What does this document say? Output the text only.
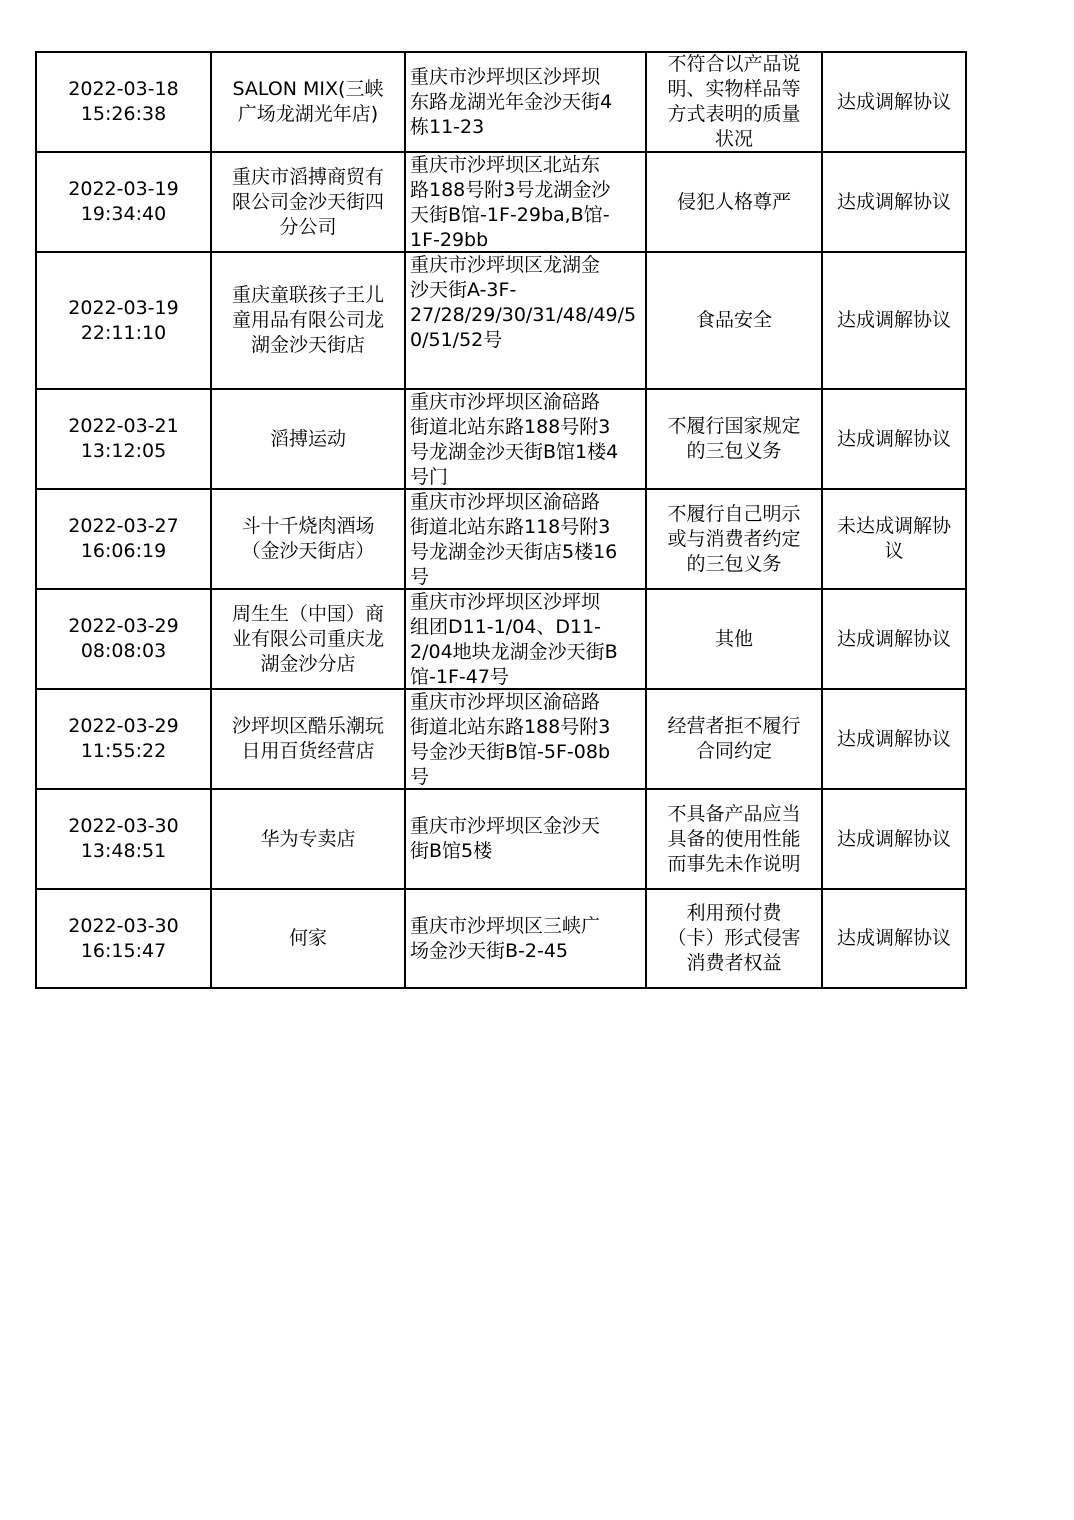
2022-03-18
15:26:38	SALON MIX(三峡
广场龙湖光年店)	重庆市沙坪坝区沙坪坝
东路龙湖光年金沙天街4
栋11-23	不符合以产品说
明、实物样品等
方式表明的质量
状况	达成调解协议

2022-03-19
19:34:40	重庆市滔搏商贸有
限公司金沙天街四
分公司	重庆市沙坪坝区北站东
路188号附3号龙湖金沙
天街B馆-1F-29ba,B馆-
1F-29bb	侵犯人格尊严	达成调解协议

2022-03-19
22:11:10	重庆童联孩子王儿
童用品有限公司龙
湖金沙天街店	重庆市沙坪坝区龙湖金
沙天街A-3F-
27/28/29/30/31/48/49/5
0/51/52号	食品安全	达成调解协议

2022-03-21
13:12:05	滔搏运动	重庆市沙坪坝区渝碚路
街道北站东路188号附3
号龙湖金沙天街B馆1楼4
号门	不履行国家规定
的三包义务	达成调解协议

2022-03-27
16:06:19	斗十千烧肉酒场
（金沙天街店）	重庆市沙坪坝区渝碚路
街道北站东路118号附3
号龙湖金沙天街店5楼16
号	不履行自己明示
或与消费者约定
的三包义务	未达成调解协
议

2022-03-29
08:08:03	周生生（中国）商
业有限公司重庆龙
湖金沙分店	重庆市沙坪坝区沙坪坝
组团D11-1/04、D11-
2/04地块龙湖金沙天街B
馆-1F-47号	其他	达成调解协议

2022-03-29
11:55:22	沙坪坝区酷乐潮玩
日用百货经营店	重庆市沙坪坝区渝碚路
街道北站东路188号附3
号金沙天街B馆-5F-08b
号	经营者拒不履行
合同约定	达成调解协议

2022-03-30
13:48:51	华为专卖店	重庆市沙坪坝区金沙天
街B馆5楼	不具备产品应当
具备的使用性能
而事先未作说明	达成调解协议

2022-03-30
16:15:47	何家	重庆市沙坪坝区三峡广
场金沙天街B-2-45	利用预付费
（卡）形式侵害
消费者权益	达成调解协议
